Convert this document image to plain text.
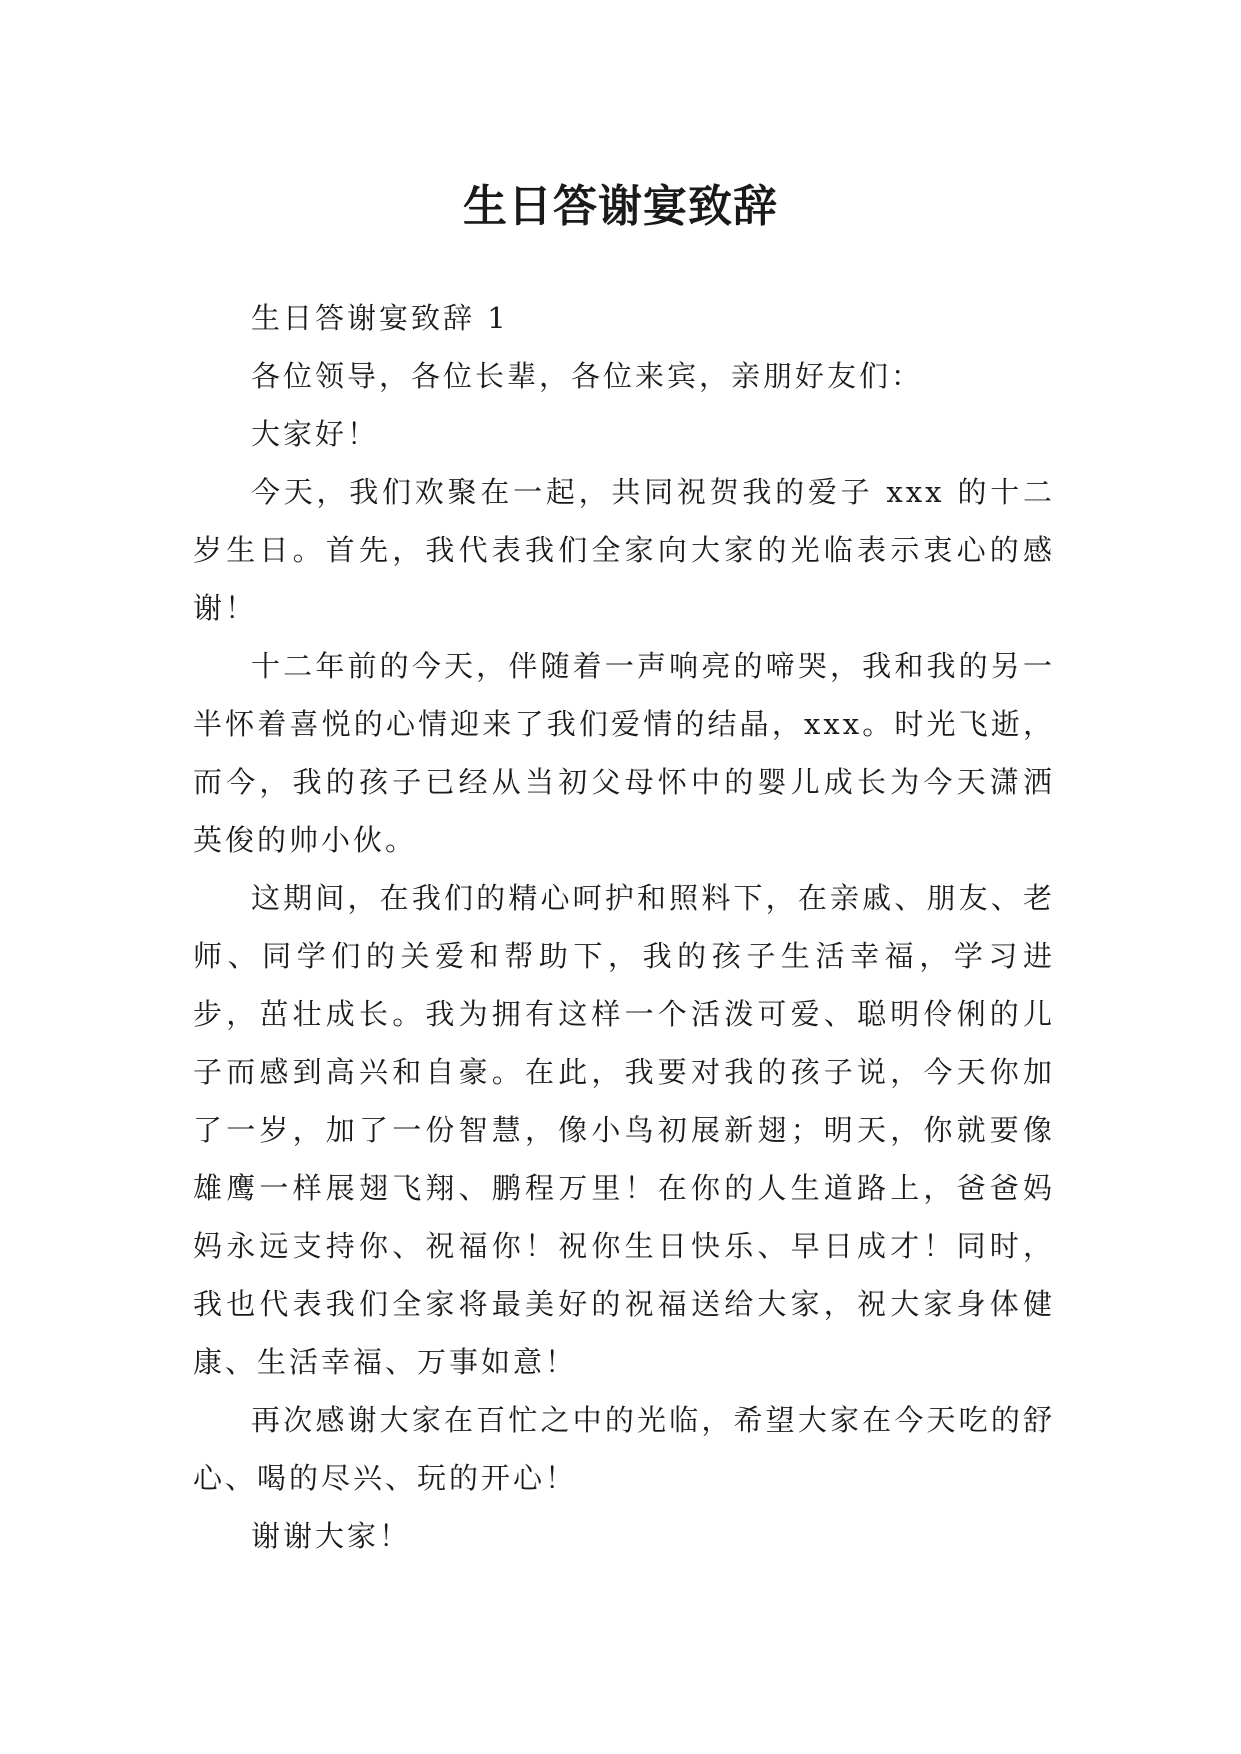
生日答谢宴致辞

生日答谢宴致辞 1

各位领导，各位长辈，各位来宾，亲朋好友们：

大家好！

今天，我们欢聚在一起，共同祝贺我的爱子 xxx 的十二岁生日。首先，我代表我们全家向大家的光临表示衷心的感谢！

十二年前的今天，伴随着一声响亮的啼哭，我和我的另一半怀着喜悦的心情迎来了我们爱情的结晶，xxx。时光飞逝，而今，我的孩子已经从当初父母怀中的婴儿成长为今天潇洒英俊的帅小伙。

这期间，在我们的精心呵护和照料下，在亲戚、朋友、老师、同学们的关爱和帮助下，我的孩子生活幸福，学习进步，茁壮成长。我为拥有这样一个活泼可爱、聪明伶俐的儿子而感到高兴和自豪。在此，我要对我的孩子说，今天你加了一岁，加了一份智慧，像小鸟初展新翅；明天，你就要像雄鹰一样展翅飞翔、鹏程万里！在你的人生道路上，爸爸妈妈永远支持你、祝福你！祝你生日快乐、早日成才！同时，我也代表我们全家将最美好的祝福送给大家，祝大家身体健康、生活幸福、万事如意！

再次感谢大家在百忙之中的光临，希望大家在今天吃的舒心、喝的尽兴、玩的开心！

谢谢大家！
